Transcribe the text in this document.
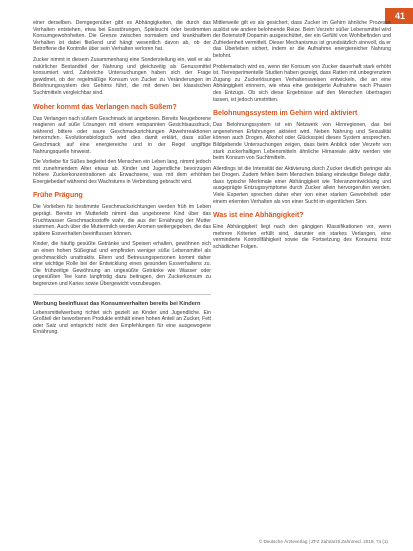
41

einer derselben. Demgegenüber gibt es Abhängigkeiten, die durch das Verhalten entstehen, etwa bei Essstörungen, Spielsucht oder bestimmten Konsumgewohnheiten. Die Grenze zwischen normalem und krankhaftem Verhalten ist dabei fließend und hängt wesentlich davon ab, ob der Betroffene die Kontrolle über sein Verhalten verloren hat.

Zucker nimmt in diesem Zusammenhang eine Sonderstellung ein, weil er als natürlicher Bestandteil der Nahrung und gleichzeitig als Genussmittel konsumiert wird. Zahlreiche Untersuchungen haben sich der Frage gewidmet, ob der regelmäßige Konsum von Zucker zu Veränderungen im Belohnungssystem des Gehirns führt, die mit denen bei klassischen Suchtmitteln vergleichbar sind.

Woher kommt das Verlangen nach Süßem?

Das Verlangen nach süßem Geschmack ist angeboren. Bereits Neugeborene reagieren auf süße Lösungen mit einem entspannten Gesichtsausdruck, während bittere oder saure Geschmacksrichtungen Abwehrreaktionen hervorrufen. Evolutionsbiologisch wird dies damit erklärt, dass süßer Geschmack auf eine energiereiche und in der Regel ungiftige Nahrungsquelle hinweist.

Die Vorliebe für Süßes begleitet den Menschen ein Leben lang, nimmt jedoch mit zunehmendem Alter etwas ab. Kinder und Jugendliche bevorzugen höhere Zuckerkonzentrationen als Erwachsene, was mit dem erhöhten Energiebedarf während des Wachstums in Verbindung gebracht wird.

Frühe Prägung

Die Vorlieben für bestimmte Geschmacksrichtungen werden früh im Leben geprägt. Bereits im Mutterleib nimmt das ungeborene Kind über das Fruchtwasser Geschmacksstoffe wahr, die aus der Ernährung der Mutter stammen. Auch über die Muttermilch werden Aromen weitergegeben, die das spätere Essverhalten beeinflussen können.

Kinder, die häufig gesüßte Getränke und Speisen erhalten, gewöhnen sich an einen hohen Süßegrad und empfinden weniger süße Lebensmittel als geschmacklich unattraktiv. Eltern und Betreuungspersonen kommt daher eine wichtige Rolle bei der Entwicklung eines gesunden Essverhaltens zu. Die frühzeitige Gewöhnung an ungesüßte Getränke wie Wasser oder ungesüßten Tee kann langfristig dazu beitragen, den Zuckerkonsum zu begrenzen und Karies sowie Übergewicht vorzubeugen.

Werbung beeinflusst das Konsumverhalten bereits bei Kindern

Lebensmittelwerbung richtet sich gezielt an Kinder und Jugendliche. Ein Großteil der beworbenen Produkte enthält einen hohen Anteil an Zucker, Fett oder Salz und entspricht nicht den Empfehlungen für eine ausgewogene Ernährung.

Mittlerweile gilt es als gesichert, dass Zucker im Gehirn ähnliche Prozesse auslöst wie andere belohnende Reize. Beim Verzehr süßer Lebensmittel wird der Botenstoff Dopamin ausgeschüttet, der ein Gefühl von Wohlbefinden und Zufriedenheit vermittelt. Dieser Mechanismus ist grundsätzlich sinnvoll, da er das Überleben sichert, indem er die Aufnahme energiereicher Nahrung belohnt.

Problematisch wird es, wenn der Konsum von Zucker dauerhaft stark erhöht ist. Tierexperimentelle Studien haben gezeigt, dass Ratten mit unbegrenztem Zugang zu Zuckerlösungen Verhaltensweisen entwickeln, die an eine Abhängigkeit erinnern, wie etwa eine gesteigerte Aufnahme nach Phasen des Entzugs. Ob sich diese Ergebnisse auf den Menschen übertragen lassen, ist jedoch umstritten.

Belohnungssystem im Gehirn wird aktiviert

Das Belohnungssystem ist ein Netzwerk von Hirnregionen, das bei angenehmen Erfahrungen aktiviert wird. Neben Nahrung und Sexualität können auch Drogen, Alkohol oder Glücksspiel dieses System ansprechen. Bildgebende Untersuchungen zeigen, dass beim Anblick oder Verzehr von stark zuckerhaltigen Lebensmitteln ähnliche Hirnareale aktiv werden wie beim Konsum von Suchtmitteln.

Allerdings ist die Intensität der Aktivierung durch Zucker deutlich geringer als bei Drogen. Zudem fehlen beim Menschen bislang eindeutige Belege dafür, dass typische Merkmale einer Abhängigkeit wie Toleranzentwicklung und ausgeprägte Entzugssymptome durch Zucker allein hervorgerufen werden. Viele Experten sprechen daher eher von einer starken Gewohnheit oder einem erlernten Verhalten als von einer Sucht im eigentlichen Sinn.

Was ist eine Abhängigkeit?

Eine Abhängigkeit liegt nach den gängigen Klassifikationen vor, wenn mehrere Kriterien erfüllt sind, darunter ein starkes Verlangen, eine verminderte Kontrollfähigkeit sowie die Fortsetzung des Konsums trotz schädlicher Folgen.

© Deutsche Ärzteverlag | ZFZ Zahnärztl Zahnmed. 2019; 74 (1)
